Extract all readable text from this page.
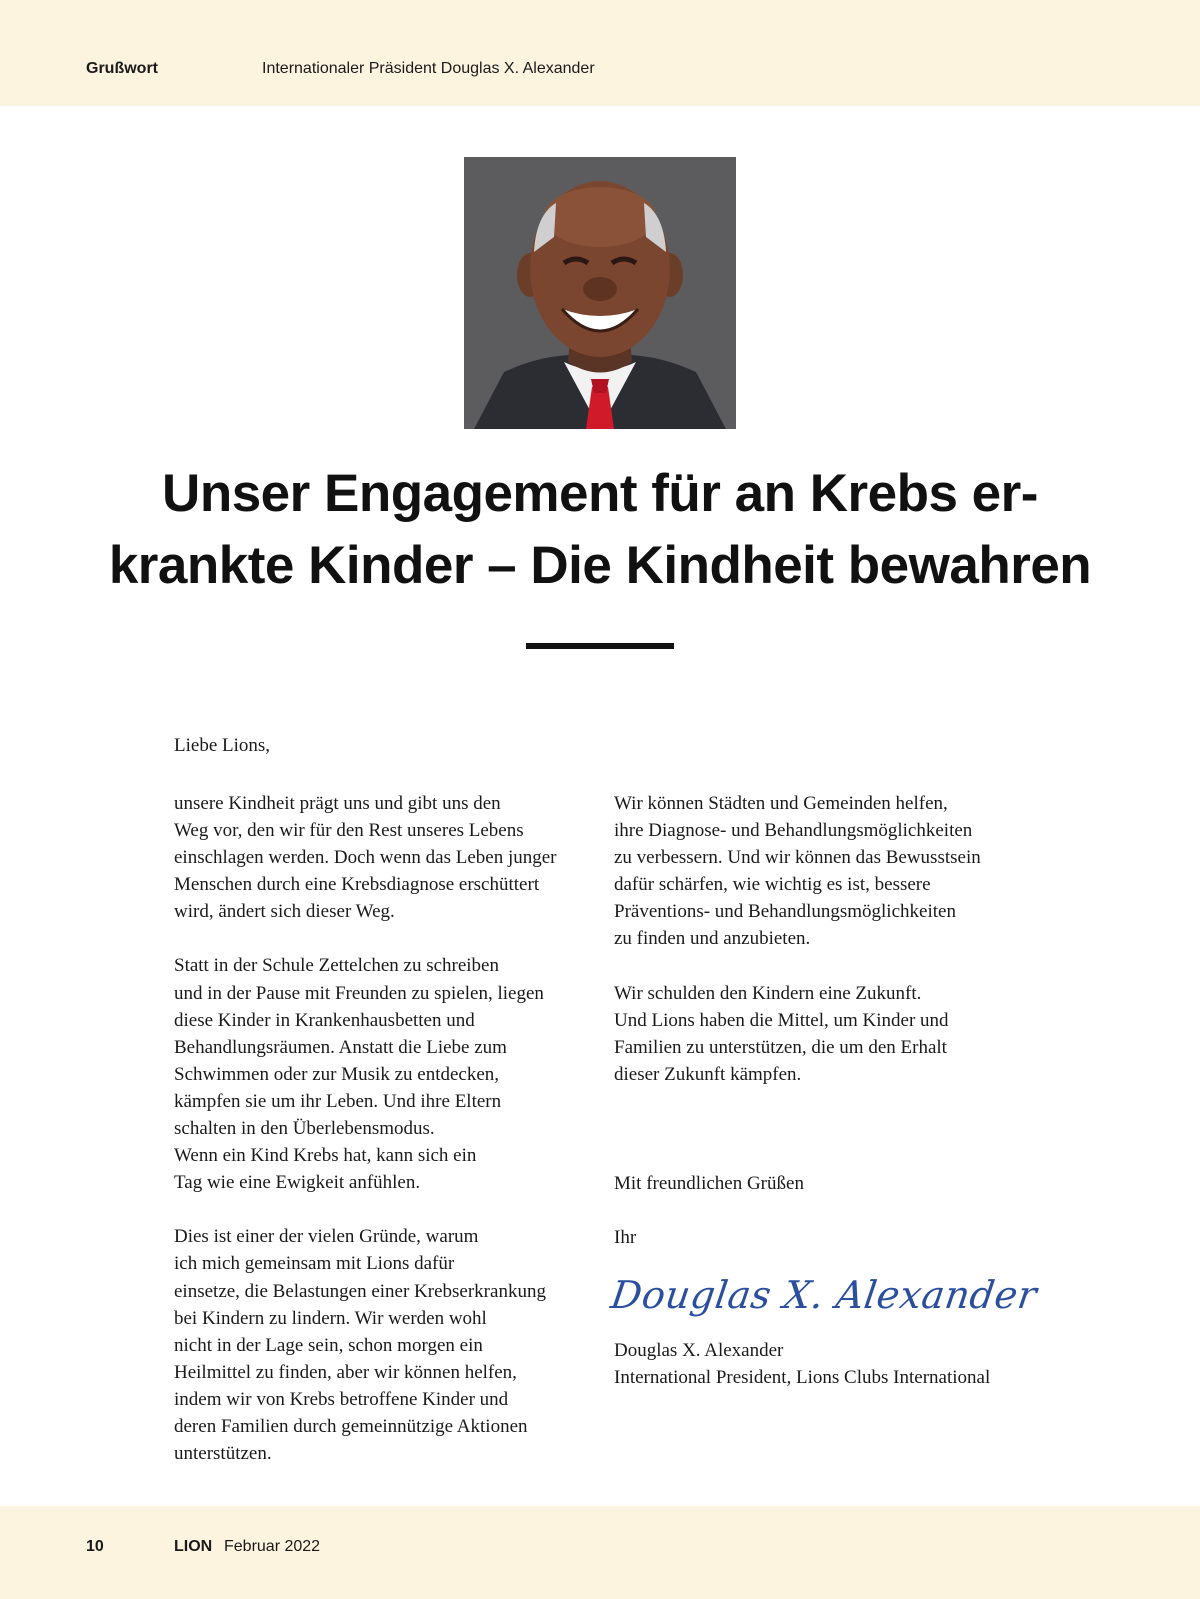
Grußwort	Internationaler Präsident Douglas X. Alexander
Unser Engagement für an Krebs er-
krankte Kinder – Die Kindheit bewahren
Liebe Lions,

unsere Kindheit prägt uns und gibt uns den
Weg vor, den wir für den Rest unseres Lebens
einschlagen werden. Doch wenn das Leben junger
Menschen durch eine Krebsdiagnose erschüttert
wird, ändert sich dieser Weg.

Statt in der Schule Zettelchen zu schreiben
und in der Pause mit Freunden zu spielen, liegen
diese Kinder in Krankenhausbetten und
Behandlungsräumen. Anstatt die Liebe zum
Schwimmen oder zur Musik zu entdecken,
kämpfen sie um ihr Leben. Und ihre Eltern
schalten in den Überlebensmodus.
Wenn ein Kind Krebs hat, kann sich ein
Tag wie eine Ewigkeit anfühlen.

Dies ist einer der vielen Gründe, warum
ich mich gemeinsam mit Lions dafür
einsetze, die Belastungen einer Krebserkrankung
bei Kindern zu lindern. Wir werden wohl
nicht in der Lage sein, schon morgen ein
Heilmittel zu finden, aber wir können helfen,
indem wir von Krebs betroffene Kinder und
deren Familien durch gemeinnützige Aktionen
unterstützen.

Wir können Städten und Gemeinden helfen,
ihre Diagnose- und Behandlungsmöglichkeiten
zu verbessern. Und wir können das Bewusstsein
dafür schärfen, wie wichtig es ist, bessere
Präventions- und Behandlungsmöglichkeiten
zu finden und anzubieten.

Wir schulden den Kindern eine Zukunft.
Und Lions haben die Mittel, um Kinder und
Familien zu unterstützen, die um den Erhalt
dieser Zukunft kämpfen.

Mit freundlichen Grüßen
Ihr
Douglas X. Alexander
Douglas X. Alexander
International President, Lions Clubs International
10	LION Februar 2022
